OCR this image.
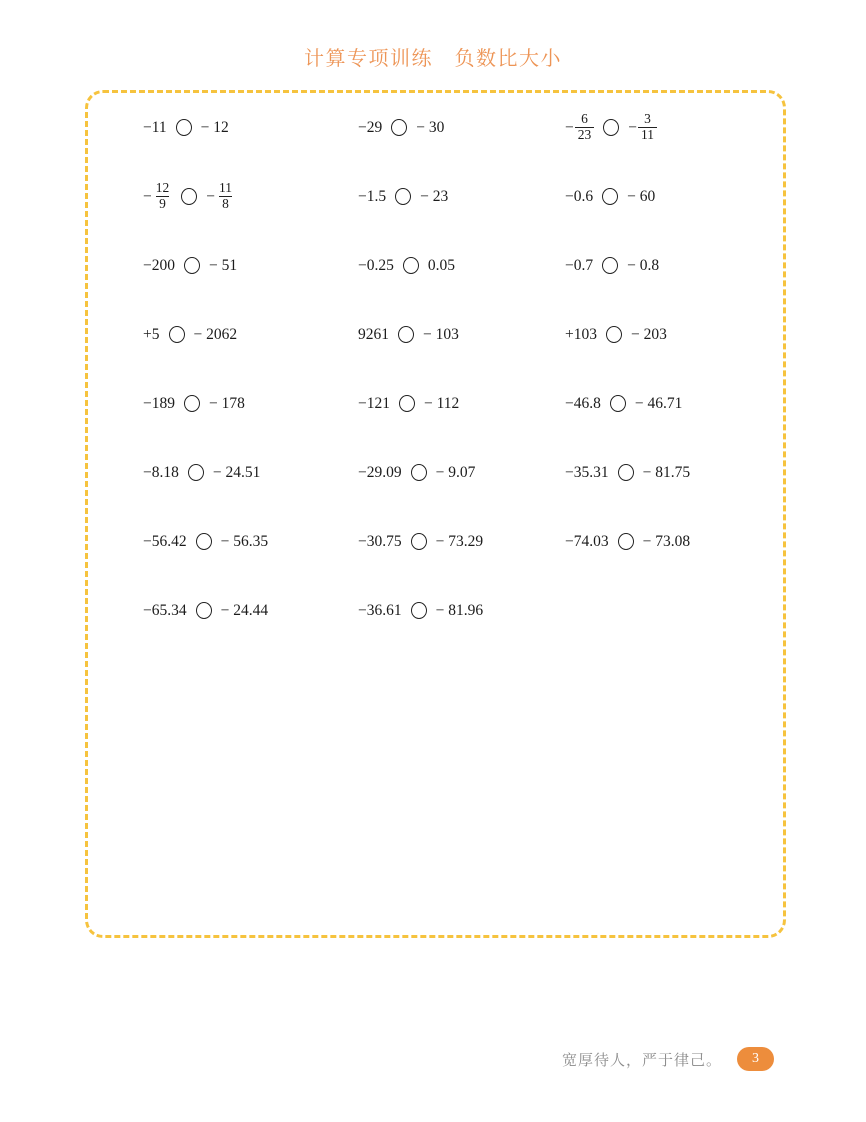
计算专项训练　负数比大小
−11 − 12	−29 − 30	− $\frac{6}{23} - \frac{3}{11}$
− $\frac{12}{9} - \frac{11}{8}$	−1.5 − 23	−0.6 − 60
−200 − 51	−0.25 0.05	−0.7 − 0.8
+5 − 2062	9261 − 103	+103 − 203
−189 − 178	−121 − 112	−46.8 − 46.71
−8.18 − 24.51	−29.09 − 9.07	−35.31 − 81.75
−56.42 − 56.35	−30.75 − 73.29	−74.03 − 73.08
−65.34 − 24.44	−36.61 − 81.96
宽厚待人，严于律己。	3
